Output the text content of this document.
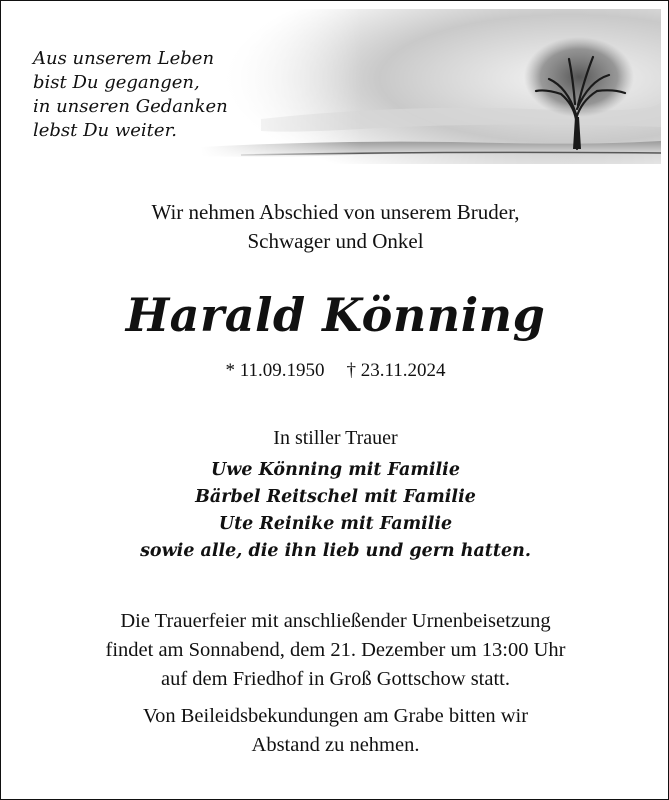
Aus unserem Leben
bist Du gegangen,
in unseren Gedanken
lebst Du weiter.
Wir nehmen Abschied von unserem Bruder,
Schwager und Onkel
Harald Könning
* 11.09.1950 † 23.11.2024
In stiller Trauer
Uwe Könning mit Familie
Bärbel Reitschel mit Familie
Ute Reinike mit Familie
sowie alle, die ihn lieb und gern hatten.
Die Trauerfeier mit anschließender Urnenbeisetzung
findet am Sonnabend, dem 21. Dezember um 13:00 Uhr
auf dem Friedhof in Groß Gottschow statt.
Von Beileidsbekundungen am Grabe bitten wir
Abstand zu nehmen.
